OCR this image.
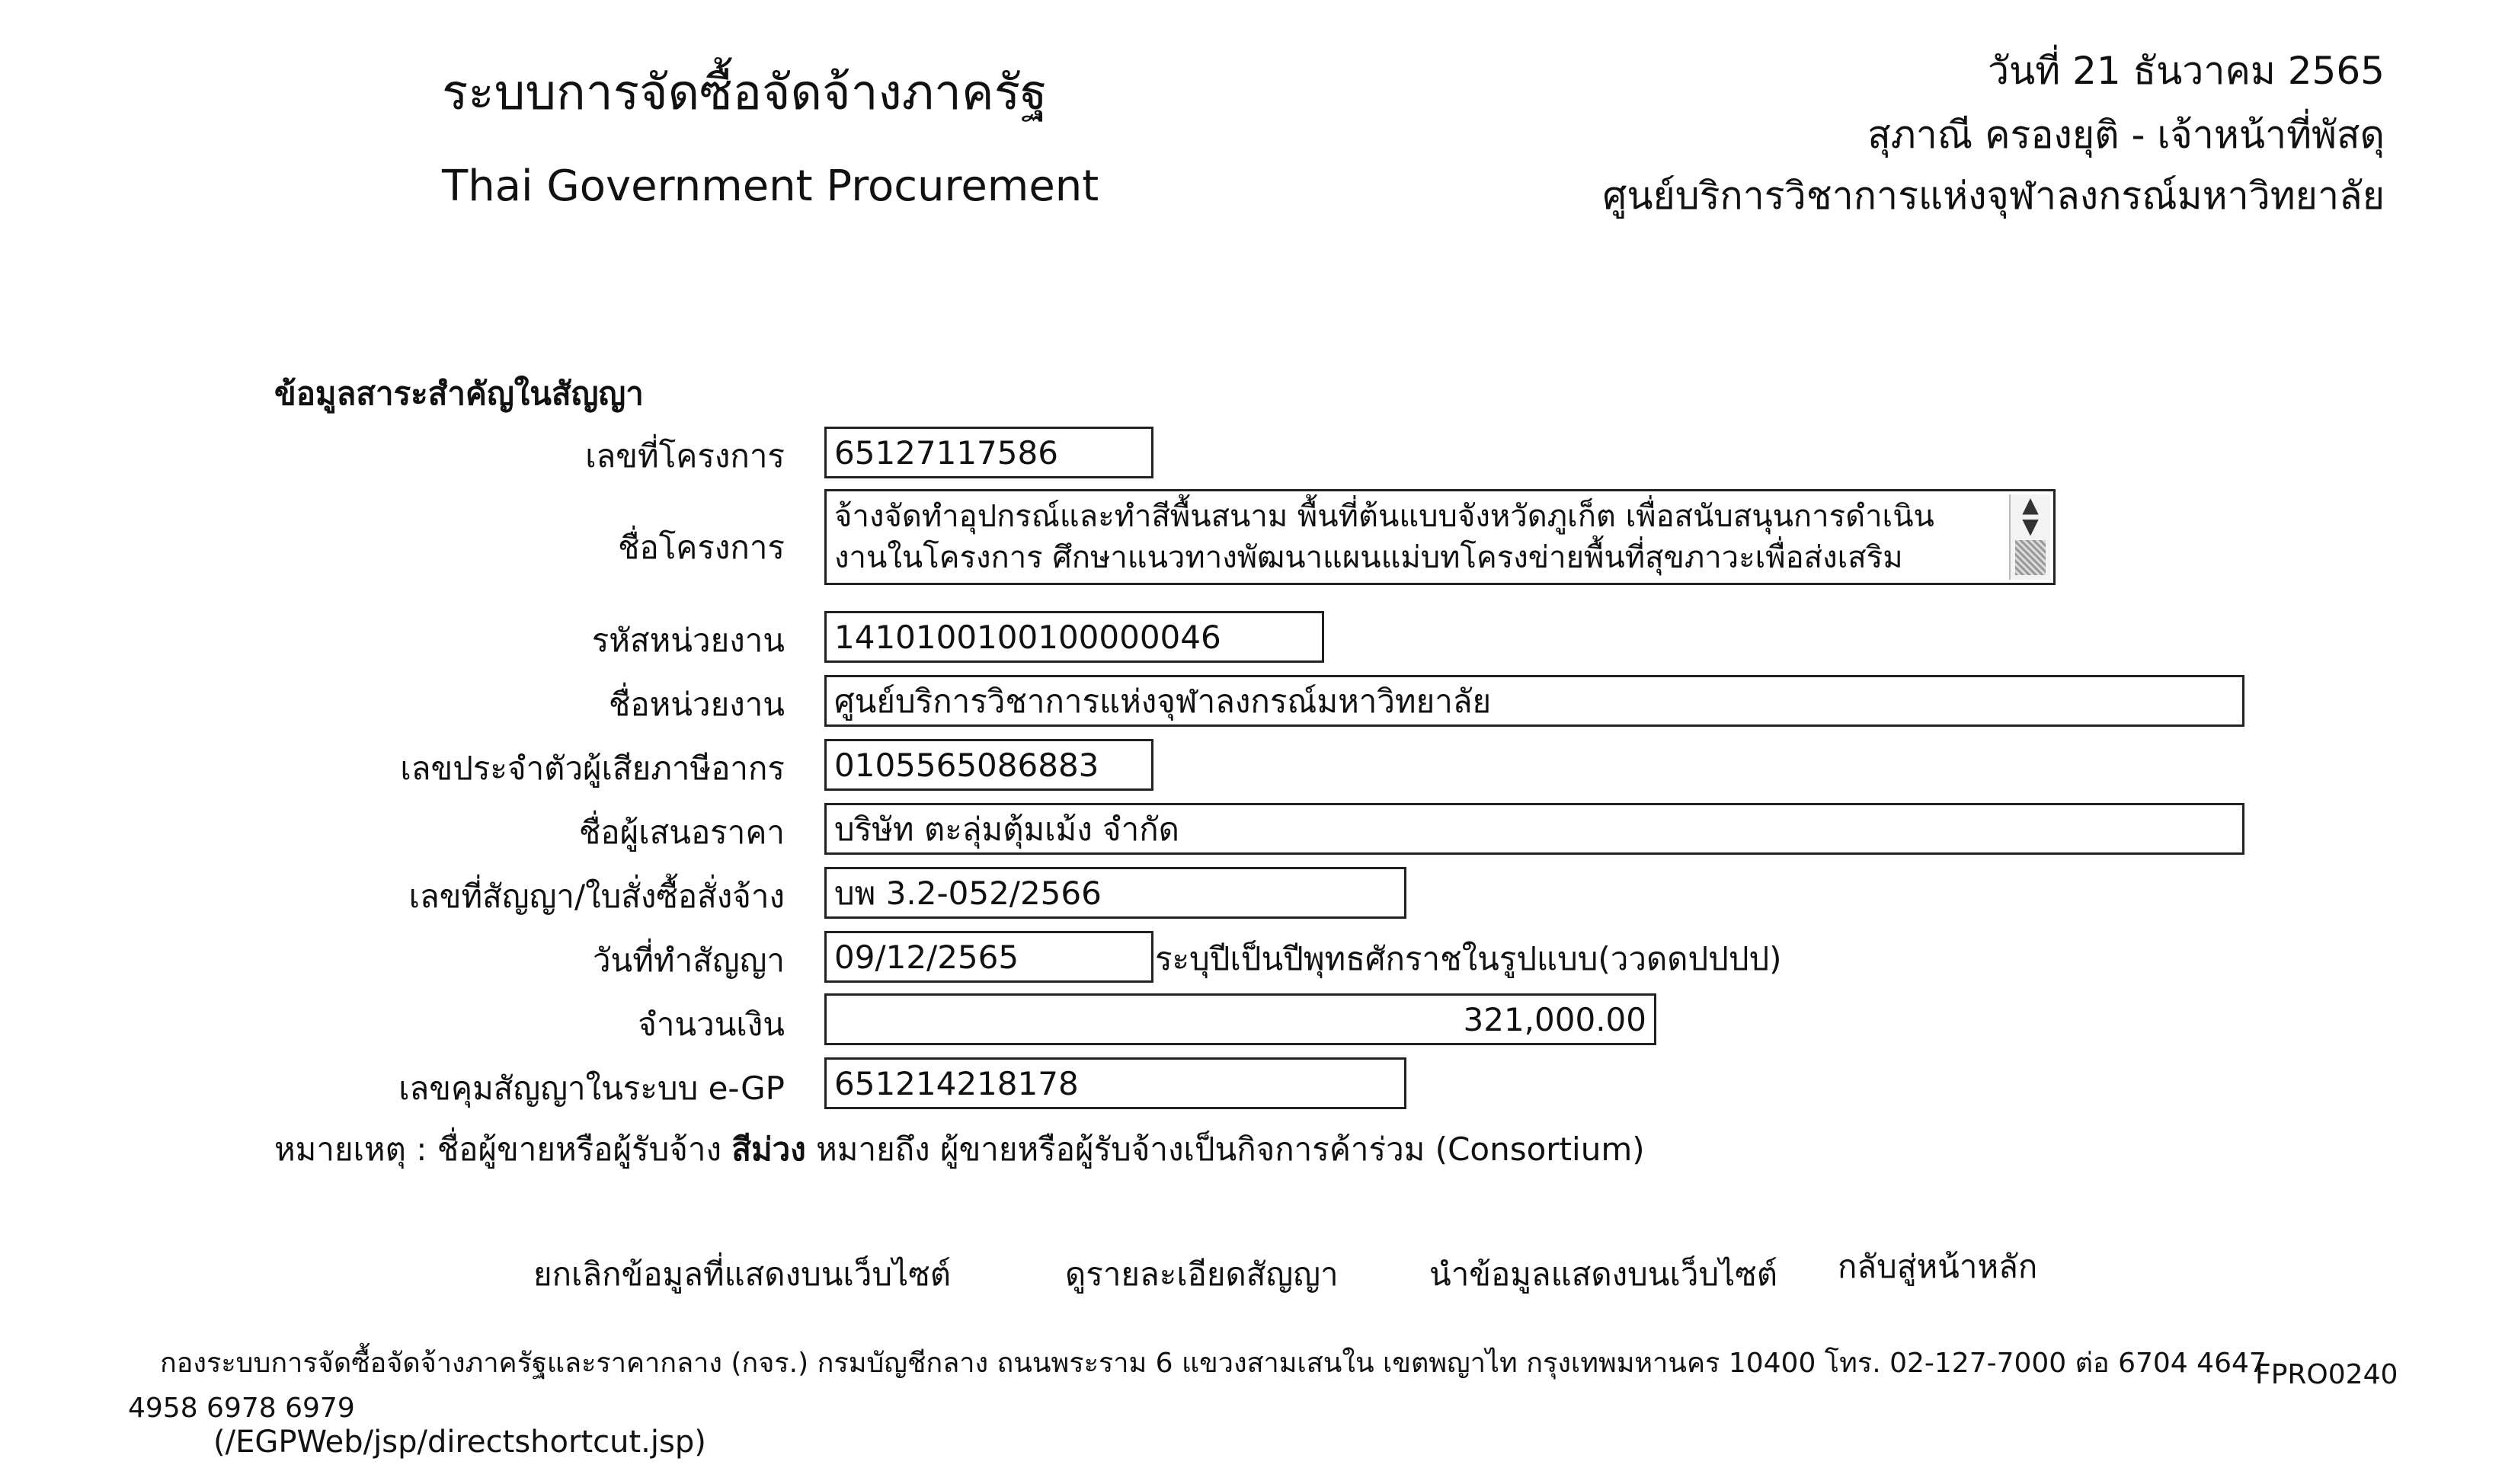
ระบบการจัดซื้อจัดจ้างภาครัฐ
Thai Government Procurement
วันที่ 21 ธันวาคม 2565
สุภาณี ครองยุติ - เจ้าหน้าที่พัสดุ
ศูนย์บริการวิชาการแห่งจุฬาลงกรณ์มหาวิทยาลัย
ข้อมูลสาระสำคัญในสัญญา
เลขที่โครงการ	65127117586
ชื่อโครงการ
จ้างจัดทำอุปกรณ์และทำสีพื้นสนาม พื้นที่ต้นแบบจังหวัดภูเก็ต เพื่อสนับสนุนการดำเนิน
งานในโครงการ ศึกษาแนวทางพัฒนาแผนแม่บทโครงข่ายพื้นที่สุขภาวะเพื่อส่งเสริม
▲
▼
รหัสหน่วยงาน	1410100100100000046
ชื่อหน่วยงาน	ศูนย์บริการวิชาการแห่งจุฬาลงกรณ์มหาวิทยาลัย
เลขประจำตัวผู้เสียภาษีอากร	0105565086883
ชื่อผู้เสนอราคา	บริษัท ตะลุ่มตุ้มเม้ง จำกัด
เลขที่สัญญา/ใบสั่งซื้อสั่งจ้าง	บพ 3.2-052/2566
วันที่ทำสัญญา	09/12/2565	ระบุปีเป็นปีพุทธศักราชในรูปแบบ(ววดดปปปป)
จำนวนเงิน	321,000.00
เลขคุมสัญญาในระบบ e-GP	651214218178
หมายเหตุ : ชื่อผู้ขายหรือผู้รับจ้าง สีม่วง หมายถึง ผู้ขายหรือผู้รับจ้างเป็นกิจการค้าร่วม (Consortium)
ยกเลิกข้อมูลที่แสดงบนเว็บไซต์	ดูรายละเอียดสัญญา	นำข้อมูลแสดงบนเว็บไซต์ กลับสู่หน้าหลัก
กองระบบการจัดซื้อจัดจ้างภาครัฐและราคากลาง (กจร.) กรมบัญชีกลาง ถนนพระราม 6 แขวงสามเสนใน เขตพญาไท กรุงเทพมหานคร 10400 โทร. 02-127-7000 ต่อ 6704 4647
FPRO0240
4958 6978 6979
(/EGPWeb/jsp/directshortcut.jsp)
